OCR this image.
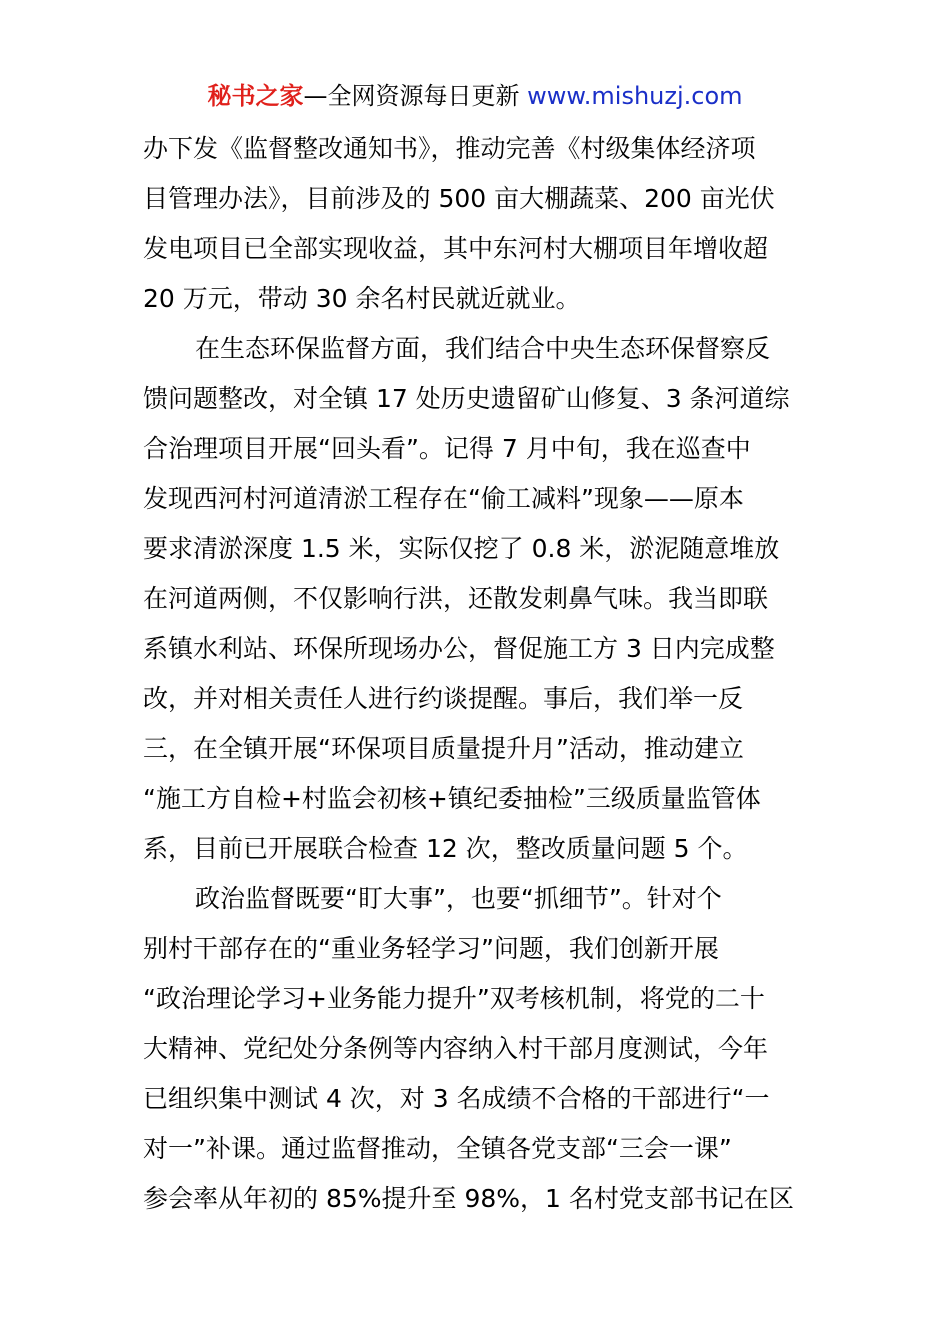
秘书之家—全网资源每日更新 www.mishuzj.com
办下发《监督整改通知书》，推动完善《村级集体经济项
目管理办法》，目前涉及的 500 亩大棚蔬菜、200 亩光伏
发电项目已全部实现收益，其中东河村大棚项目年增收超
20 万元，带动 30 余名村民就近就业。
在生态环保监督方面，我们结合中央生态环保督察反
馈问题整改，对全镇 17 处历史遗留矿山修复、3 条河道综
合治理项目开展“回头看”。记得 7 月中旬，我在巡查中
发现西河村河道清淤工程存在“偷工减料”现象——原本
要求清淤深度 1.5 米，实际仅挖了 0.8 米，淤泥随意堆放
在河道两侧，不仅影响行洪，还散发刺鼻气味。我当即联
系镇水利站、环保所现场办公，督促施工方 3 日内完成整
改，并对相关责任人进行约谈提醒。事后，我们举一反
三，在全镇开展“环保项目质量提升月”活动，推动建立
“施工方自检+村监会初核+镇纪委抽检”三级质量监管体
系，目前已开展联合检查 12 次，整改质量问题 5 个。
政治监督既要“盯大事”，也要“抓细节”。针对个
别村干部存在的“重业务轻学习”问题，我们创新开展
“政治理论学习+业务能力提升”双考核机制，将党的二十
大精神、党纪处分条例等内容纳入村干部月度测试，今年
已组织集中测试 4 次，对 3 名成绩不合格的干部进行“一
对一”补课。通过监督推动，全镇各党支部“三会一课”
参会率从年初的 85%提升至 98%，1 名村党支部书记在区
